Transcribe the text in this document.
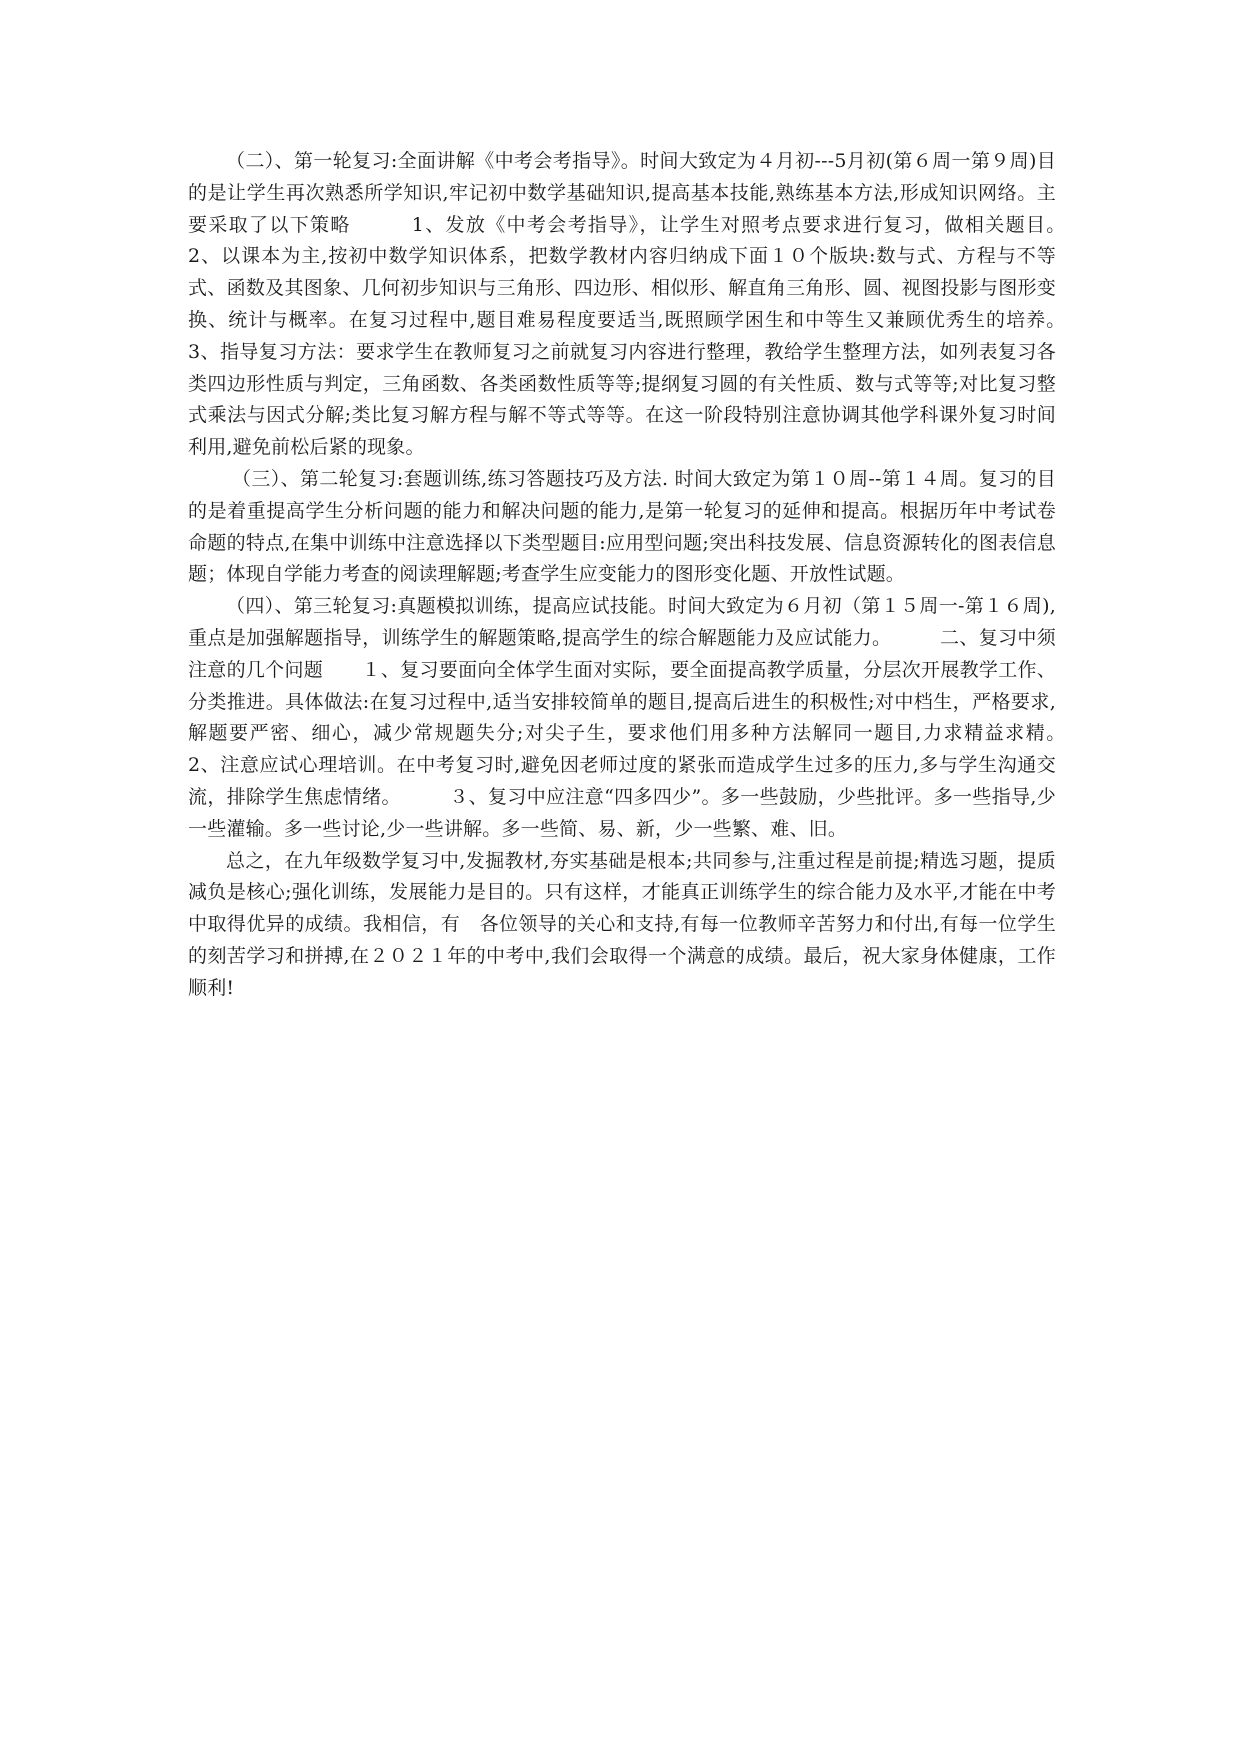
（二）、第一轮复习:全面讲解《中考会考指导》。时间大致定为４月初---5月初(第６周一第９周)目的是让学生再次熟悉所学知识,牢记初中数学基础知识,提高基本技能,熟练基本方法,形成知识网络。主要采取了以下策略　　　1、发放《中考会考指导》，让学生对照考点要求进行复习，做相关题目。　　　2、以课本为主,按初中数学知识体系，把数学教材内容归纳成下面１０个版块:数与式、方程与不等式、函数及其图象、几何初步知识与三角形、四边形、相似形、解直角三角形、圆、视图投影与图形变换、统计与概率。在复习过程中,题目难易程度要适当,既照顾学困生和中等生又兼顾优秀生的培养。　　　3、指导复习方法：要求学生在教师复习之前就复习内容进行整理，教给学生整理方法，如列表复习各类四边形性质与判定，三角函数、各类函数性质等等;提纲复习圆的有关性质、数与式等等;对比复习整式乘法与因式分解;类比复习解方程与解不等式等等。在这一阶段特别注意协调其他学科课外复习时间利用,避免前松后紧的现象。

（三）、第二轮复习:套题训练,练习答题技巧及方法. 时间大致定为第１０周--第１４周。复习的目的是着重提高学生分析问题的能力和解决问题的能力,是第一轮复习的延伸和提高。根据历年中考试卷命题的特点,在集中训练中注意选择以下类型题目:应用型问题;突出科技发展、信息资源转化的图表信息题；体现自学能力考查的阅读理解题;考查学生应变能力的图形变化题、开放性试题。

（四）、第三轮复习:真题模拟训练，提高应试技能。时间大致定为６月初（第１５周一-第１６周),重点是加强解题指导，训练学生的解题策略,提高学生的综合解题能力及应试能力。　　　二、复习中须注意的几个问题　　１、复习要面向全体学生面对实际，要全面提高教学质量，分层次开展教学工作、分类推进。具体做法:在复习过程中,适当安排较简单的题目,提高后进生的积极性;对中档生，严格要求,解题要严密、细心，减少常规题失分;对尖子生，要求他们用多种方法解同一题目,力求精益求精。　　2、注意应试心理培训。在中考复习时,避免因老师过度的紧张而造成学生过多的压力,多与学生沟通交流，排除学生焦虑情绪。　　　３、复习中应注意“四多四少”。多一些鼓励，少些批评。多一些指导,少一些灌输。多一些讨论,少一些讲解。多一些简、易、新，少一些繁、难、旧。

总之，在九年级数学复习中,发掘教材,夯实基础是根本;共同参与,注重过程是前提;精选习题，提质减负是核心;强化训练，发展能力是目的。只有这样，才能真正训练学生的综合能力及水平,才能在中考中取得优异的成绩。我相信，有　各位领导的关心和支持,有每一位教师辛苦努力和付出,有每一位学生的刻苦学习和拼搏,在２０２１年的中考中,我们会取得一个满意的成绩。最后，祝大家身体健康，工作顺利!
